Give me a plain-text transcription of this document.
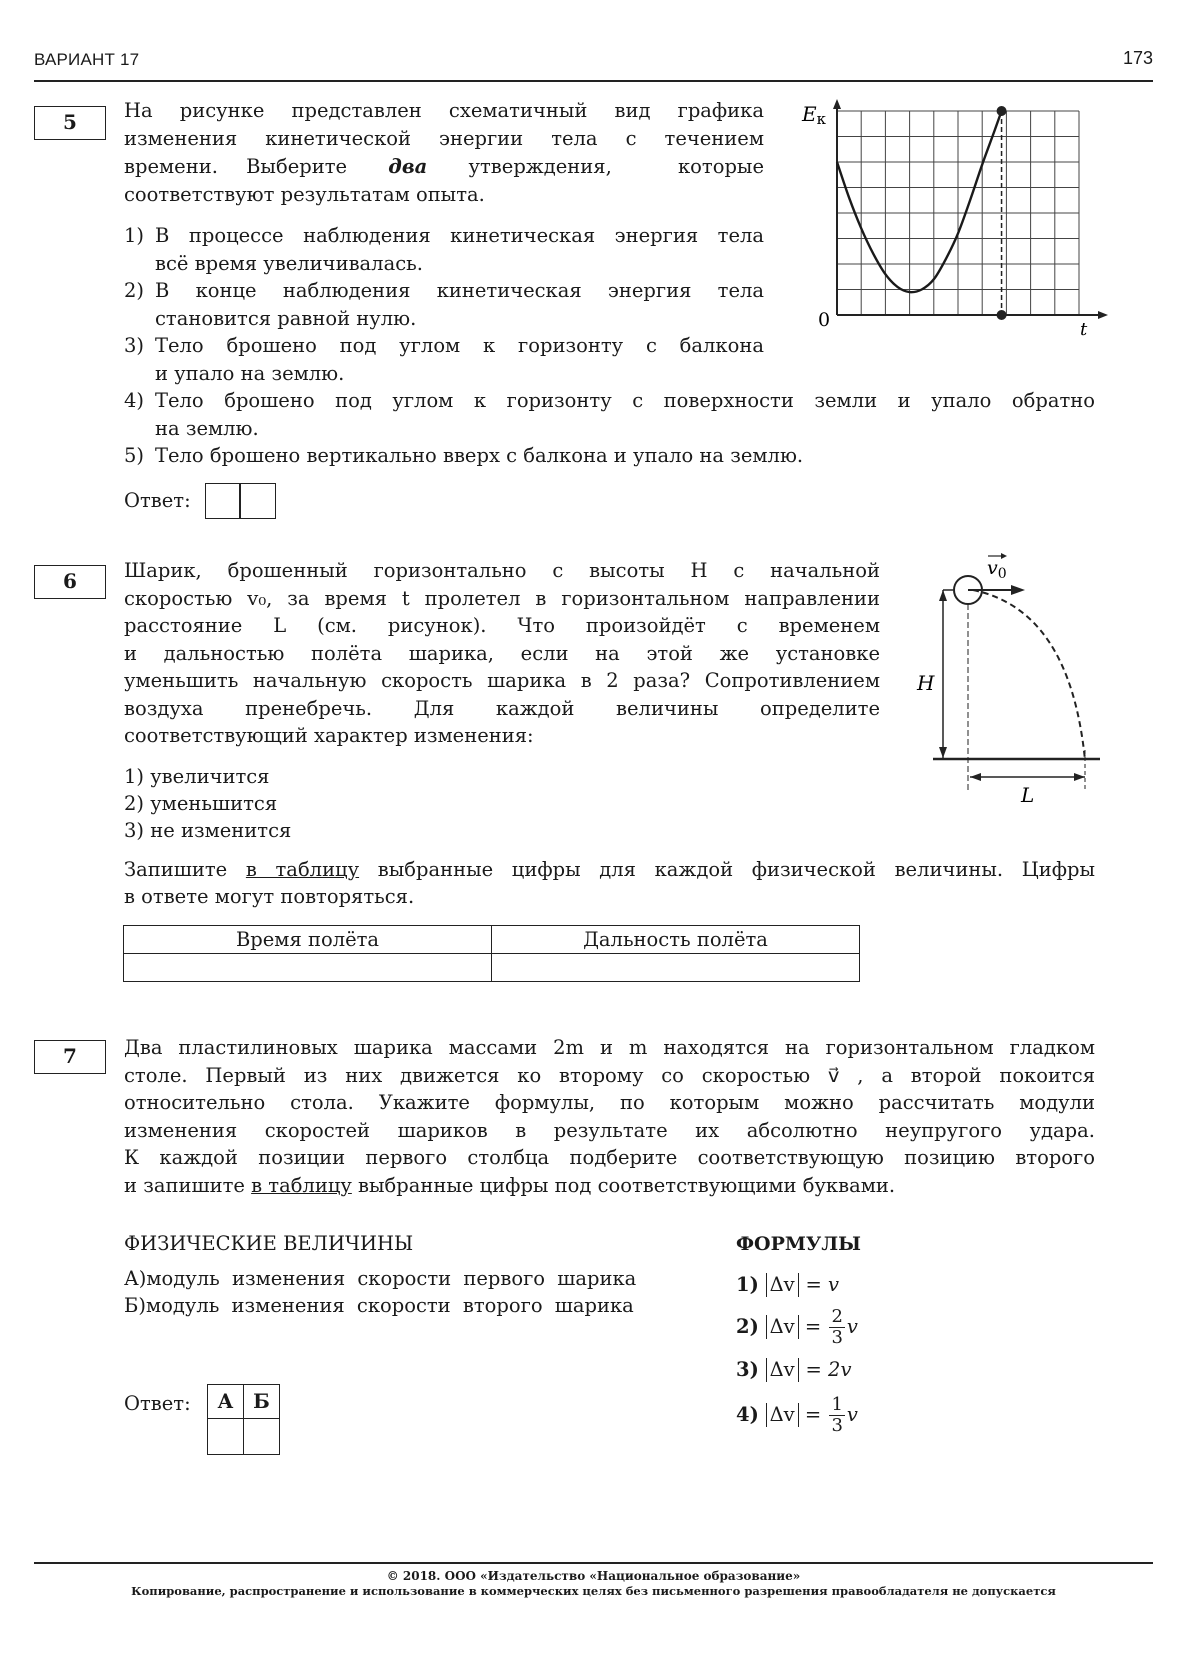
ВАРИАНТ 17	173
5	На рисунке представлен схематичный вид графика
изменения кинетической энергии тела с течением
времени. Выберите два утверждения, которые
соответствуют результатам опыта.
1) В процессе наблюдения кинетическая энергия тела
всё время увеличивалась.
2) В конце наблюдения кинетическая энергия тела
становится равной нулю.
3) Тело брошено под углом к горизонту с балкона
и упало на землю.
4) Тело брошено под углом к горизонту с поверхности земли и упало обратно
на землю.
5) Тело брошено вертикально вверх с балкона и упало на землю.
Ответ:
Eк
0	t
6	Шарик, брошенный горизонтально с высоты H с начальной
скоростью v₀, за время t пролетел в горизонтальном направлении
расстояние L (см. рисунок). Что произойдёт с временем
и дальностью полёта шарика, если на этой же установке
уменьшить начальную скорость шарика в 2 раза? Сопротивлением
воздуха пренебречь. Для каждой величины определите
соответствующий характер изменения:
1) увеличится
2) уменьшится
3) не изменится
Запишите в таблицу выбранные цифры для каждой физической величины. Цифры
в ответе могут повторяться.
Время полёта	Дальность полёта

$v_0$
H
L
7	Два пластилиновых шарика массами 2m и m находятся на горизонтальном гладком
столе. Первый из них движется ко второму со скоростью v⃗ , а второй покоится
относительно стола. Укажите формулы, по которым можно рассчитать модули
изменения скоростей шариков в результате их абсолютно неупругого удара.
К каждой позиции первого столбца подберите соответствующую позицию второго
и запишите в таблицу выбранные цифры под соответствующими буквами.
ФИЗИЧЕСКИЕ ВЕЛИЧИНЫ	ФОРМУЛЫ
А)модуль изменения скорости первого шарика
Б)модуль изменения скорости второго шарика
1) Δv = v
2)
$\Delta v = \frac{2}{3}$ v
3) Δv = 2v
4)
$\Delta v = \frac{1}{3}$ v
Ответ: А	Б

© 2018. ООО «Издательство «Национальное образование»
Копирование, распространение и использование в коммерческих целях без письменного разрешения правообладателя не допускается
